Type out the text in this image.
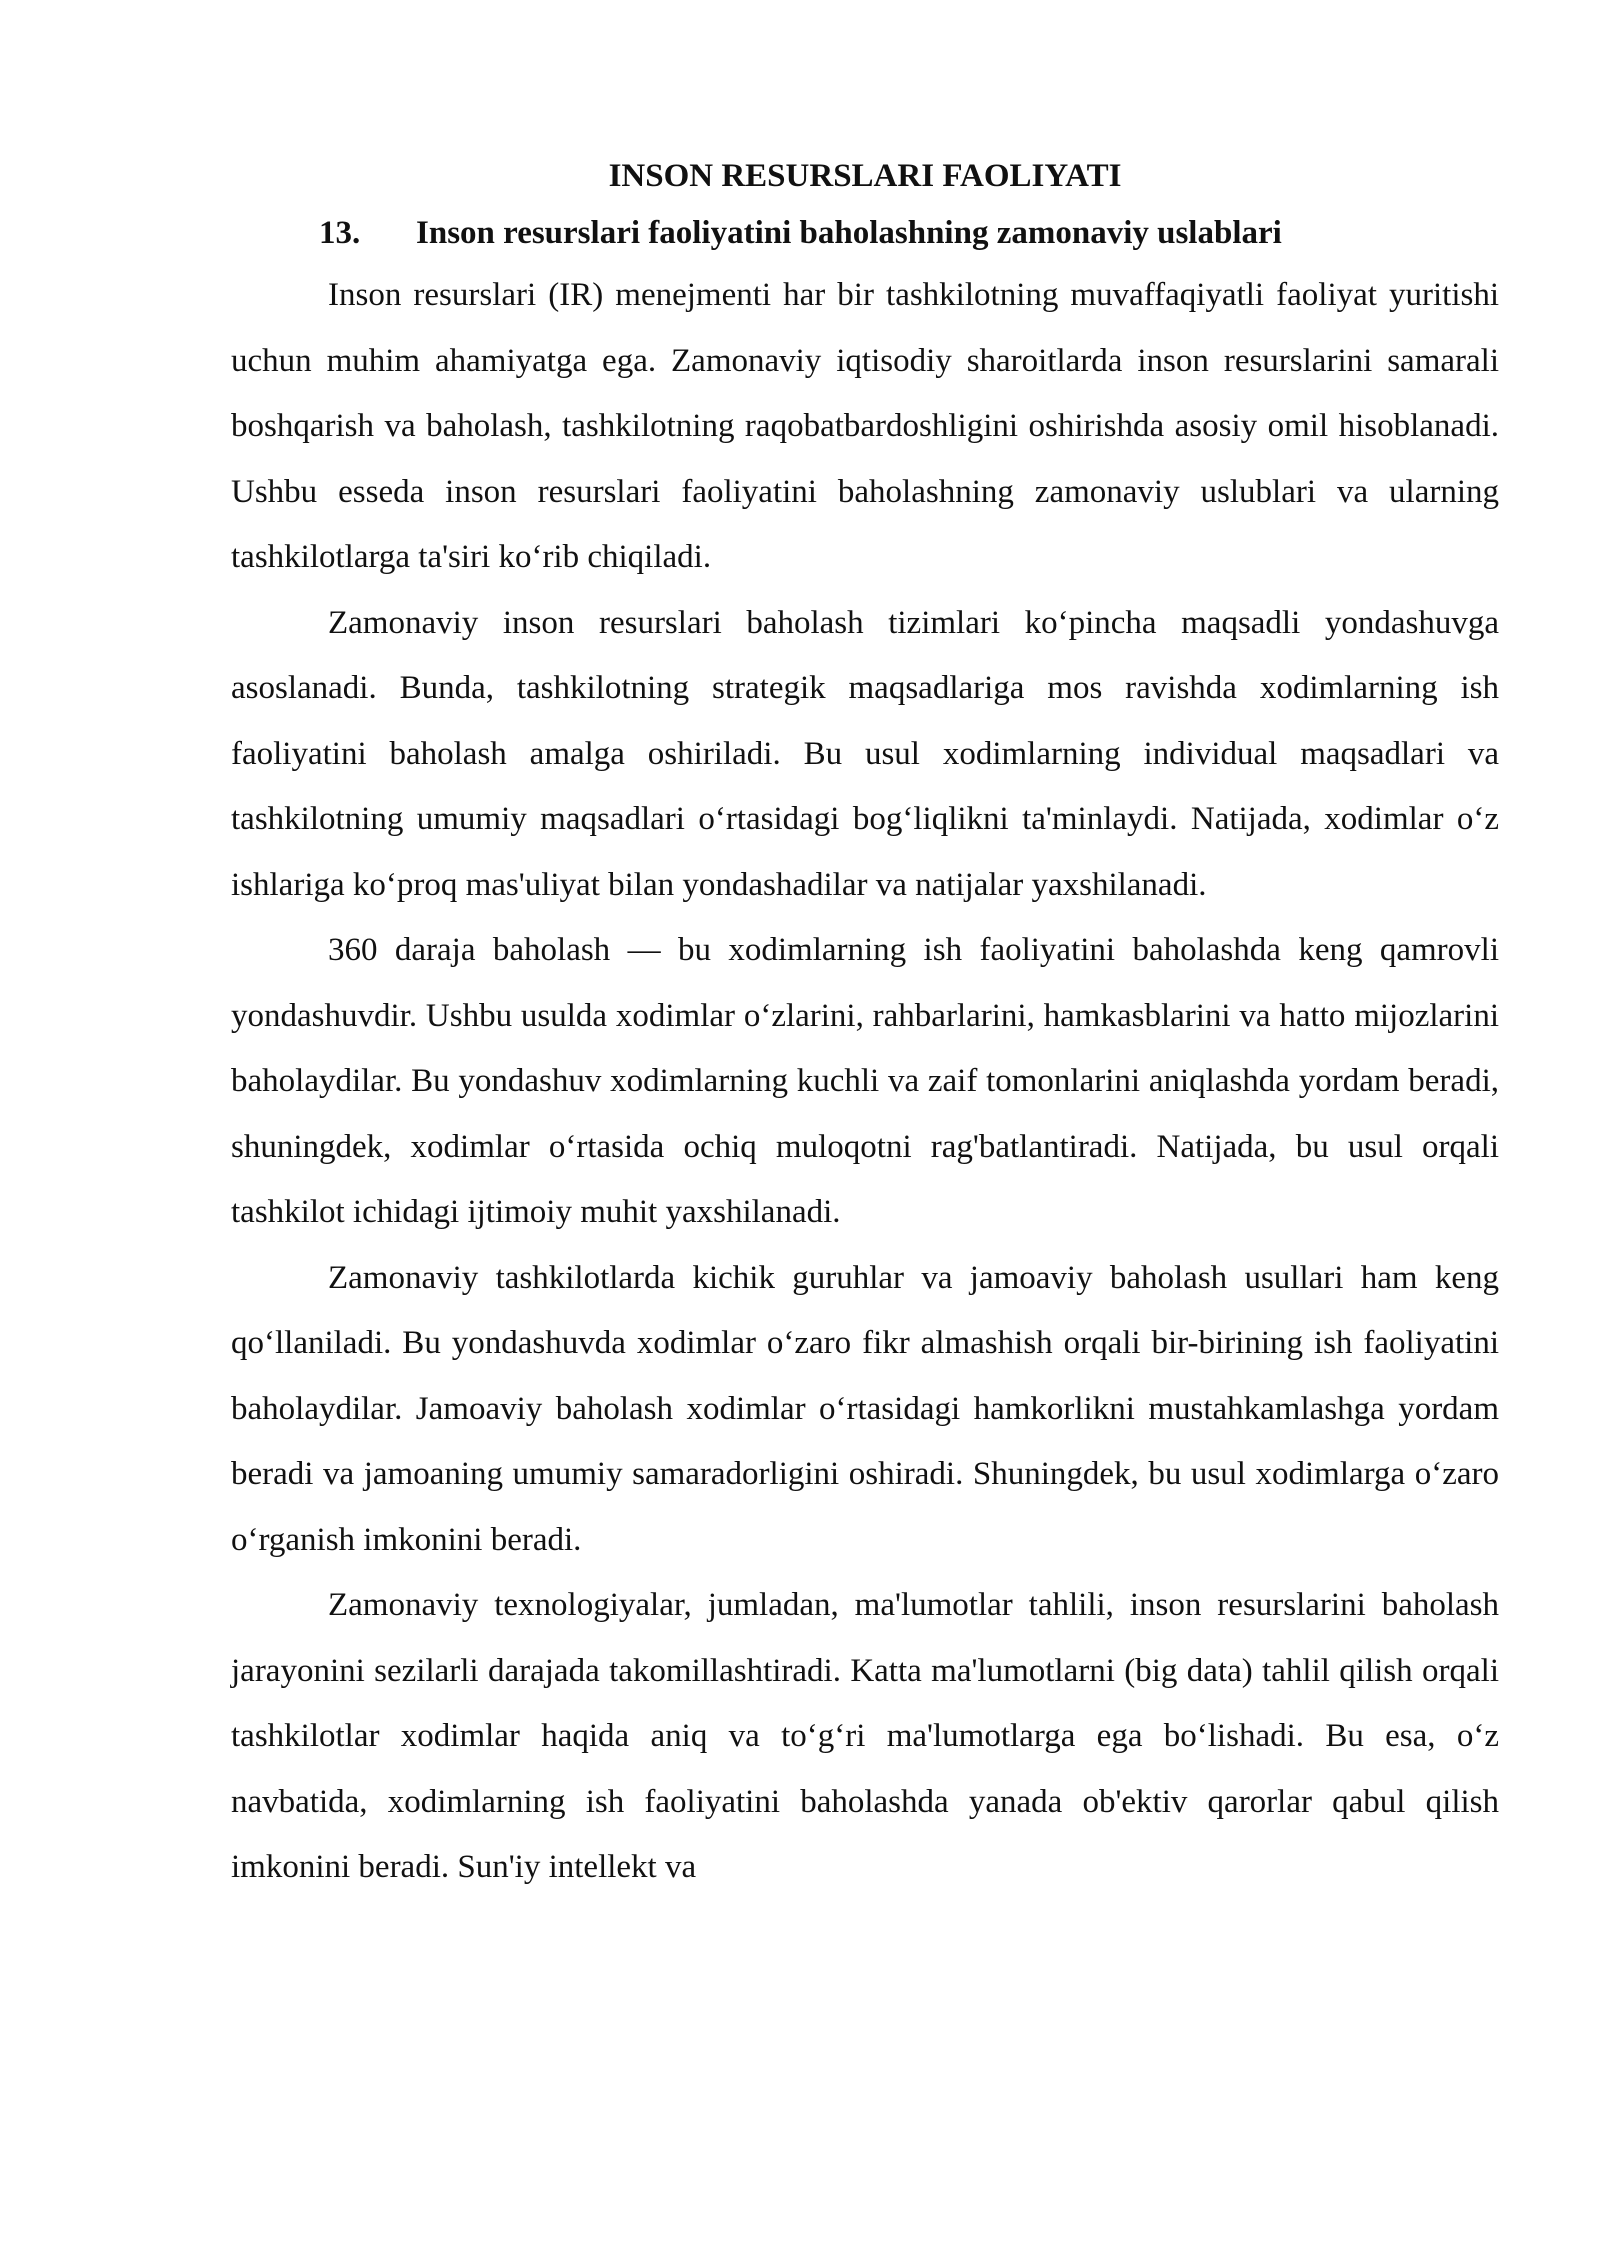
INSON RESURSLARI FAOLIYATI
13. Inson resurslari faoliyatini baholashning zamonaviy uslablari

Inson resurslari (IR) menejmenti har bir tashkilotning muvaffaqiyatli faoliyat yuritishi uchun muhim ahamiyatga ega. Zamonaviy iqtisodiy sharoitlarda inson resurslarini samarali boshqarish va baholash, tashkilotning raqobatbardoshligini oshirishda asosiy omil hisoblanadi. Ushbu esseda inson resurslari faoliyatini baholashning zamonaviy uslublari va ularning tashkilotlarga ta'siri ko‘rib chiqiladi.

Zamonaviy inson resurslari baholash tizimlari ko‘pincha maqsadli yondashuvga asoslanadi. Bunda, tashkilotning strategik maqsadlariga mos ravishda xodimlarning ish faoliyatini baholash amalga oshiriladi. Bu usul xodimlarning individual maqsadlari va tashkilotning umumiy maqsadlari o‘rtasidagi bog‘liqlikni ta'minlaydi. Natijada, xodimlar o‘z ishlariga ko‘proq mas'uliyat bilan yondashadilar va natijalar yaxshilanadi.

360 daraja baholash — bu xodimlarning ish faoliyatini baholashda keng qamrovli yondashuvdir. Ushbu usulda xodimlar o‘zlarini, rahbarlarini, hamkasblarini va hatto mijozlarini baholaydilar. Bu yondashuv xodimlarning kuchli va zaif tomonlarini aniqlashda yordam beradi, shuningdek, xodimlar o‘rtasida ochiq muloqotni rag'batlantiradi. Natijada, bu usul orqali tashkilot ichidagi ijtimoiy muhit yaxshilanadi.

Zamonaviy tashkilotlarda kichik guruhlar va jamoaviy baholash usullari ham keng qo‘llaniladi. Bu yondashuvda xodimlar o‘zaro fikr almashish orqali bir-birining ish faoliyatini baholaydilar. Jamoaviy baholash xodimlar o‘rtasidagi hamkorlikni mustahkamlashga yordam beradi va jamoaning umumiy samaradorligini oshiradi. Shuningdek, bu usul xodimlarga o‘zaro o‘rganish imkonini beradi.

Zamonaviy texnologiyalar, jumladan, ma'lumotlar tahlili, inson resurslarini baholash jarayonini sezilarli darajada takomillashtiradi. Katta ma'lumotlarni (big data) tahlil qilish orqali tashkilotlar xodimlar haqida aniq va to‘g‘ri ma'lumotlarga ega bo‘lishadi. Bu esa, o‘z navbatida, xodimlarning ish faoliyatini baholashda yanada ob'ektiv qarorlar qabul qilish imkonini beradi. Sun'iy intellekt va
